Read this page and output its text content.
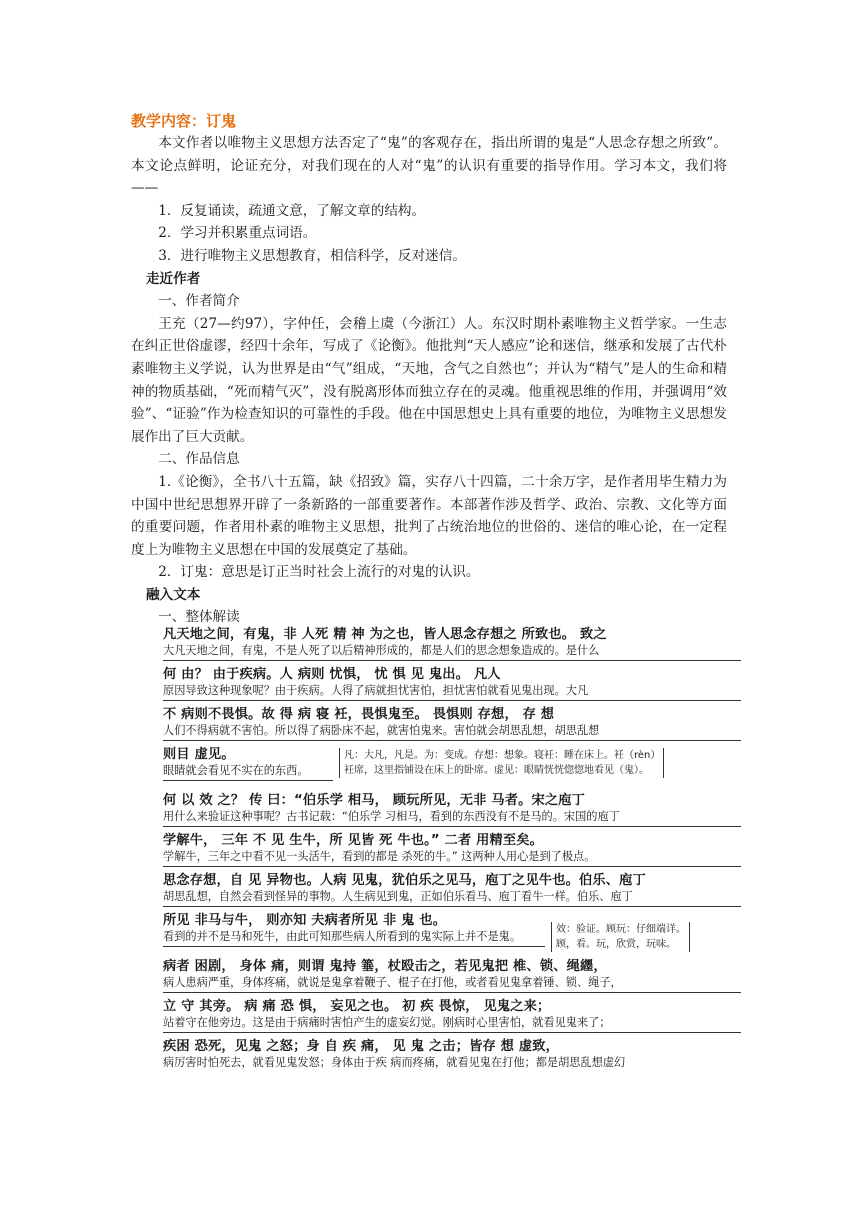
教学内容：订鬼

本文作者以唯物主义思想方法否定了“鬼”的客观存在，指出所谓的鬼是“人思念存想之所致”。本文论点鲜明，论证充分，对我们现在的人对“鬼”的认识有重要的指导作用。学习本文，我们将——

1．反复诵读，疏通文意，了解文章的结构。

2．学习并积累重点词语。

3．进行唯物主义思想教育，相信科学，反对迷信。

走近作者
一、作者简介

王充（27—约97），字仲任，会稽上虞（今浙江）人。东汉时期朴素唯物主义哲学家。一生志在纠正世俗虚谬，经四十余年，写成了《论衡》。他批判“天人感应”论和迷信，继承和发展了古代朴素唯物主义学说，认为世界是由“气”组成，“天地，含气之自然也”；并认为“精气”是人的生命和精神的物质基础，“死而精气灭”，没有脱离形体而独立存在的灵魂。他重视思维的作用，并强调用“效验”、“证验”作为检查知识的可靠性的手段。他在中国思想史上具有重要的地位，为唯物主义思想发展作出了巨大贡献。

二、作品信息

1.《论衡》，全书八十五篇，缺《招致》篇，实存八十四篇，二十余万字，是作者用毕生精力为中国中世纪思想界开辟了一条新路的一部重要著作。本部著作涉及哲学、政治、宗教、文化等方面的重要问题，作者用朴素的唯物主义思想，批判了占统治地位的世俗的、迷信的唯心论，在一定程度上为唯物主义思想在中国的发展奠定了基础。

2．订鬼：意思是订正当时社会上流行的对鬼的认识。

融入文本
一、整体解读
凡天地之间，有鬼，非 人死 精 神 为之也，皆人思念存想之 所致也。 致之
大凡天地之间，有鬼，不是人死了以后精神形成的，都是人们的思念想象造成的。是什么
何 由？ 由于疾病。人 病则 忧惧， 忧 惧 见 鬼出。 凡人
原因导致这种现象呢？由于疾病。人得了病就担忧害怕，担忧害怕就看见鬼出现。大凡
不 病则不畏惧。故 得 病 寝 衽，畏惧鬼至。 畏惧则 存想， 存 想
人们不得病就不害怕。所以得了病卧床不起，就害怕鬼来。害怕就会胡思乱想，胡思乱想
则目 虚见。
眼睛就会看见不实在的东西。
凡：大凡，凡是。为：变成。存想：想象。寝衽：睡在床上。衽（rèn）
衽席，这里指铺设在床上的卧席。虚见：眼睛恍恍惚惚地看见（鬼）。
何 以 效 之？ 传 曰：“伯乐学 相马， 顾玩所见，无非 马者。宋之庖丁
用什么来验证这种事呢？古书记载：“伯乐学 习相马，看到的东西没有不是马的。宋国的庖丁
学解牛， 三年 不 见 生牛，所 见皆 死 牛也。” 二者 用精至矣。
学解牛，三年之中看不见一头活牛，看到的都是 杀死的牛。” 这两种人用心是到了极点。
思念存想，自 见 异物也。人病 见鬼，犹伯乐之见马，庖丁之见牛也。伯乐、庖丁
胡思乱想，自然会看到怪异的事物。人生病见到鬼，正如伯乐看马、庖丁看牛一样。伯乐、庖丁
所见 非马与牛， 则亦知 夫病者所见 非 鬼 也。
看到的并不是马和死牛，由此可知那些病人所看到的鬼实际上并不是鬼。
效：验证。顾玩：仔细端详。
顾，看。玩，欣赏，玩味。
病者 困剧， 身体 痛，则谓 鬼持 箠，杖殴击之，若见鬼把 椎、锁、绳纆，
病人患病严重，身体疼痛，就说是鬼拿着鞭子、棍子在打他，或者看见鬼拿着锤、锁、绳子，
立 守 其旁。 病 痛 恐 惧， 妄见之也。 初 疾 畏惊， 见鬼之来；
站着守在他旁边。这是由于病痛时害怕产生的虚妄幻觉。刚病时心里害怕，就看见鬼来了；
疾困 恐死，见鬼 之怒；身 自 疾 痛， 见 鬼 之击；皆存 想 虚致，
病厉害时怕死去，就看见鬼发怒；身体由于疾 病而疼痛，就看见鬼在打他；都是胡思乱想虚幻
